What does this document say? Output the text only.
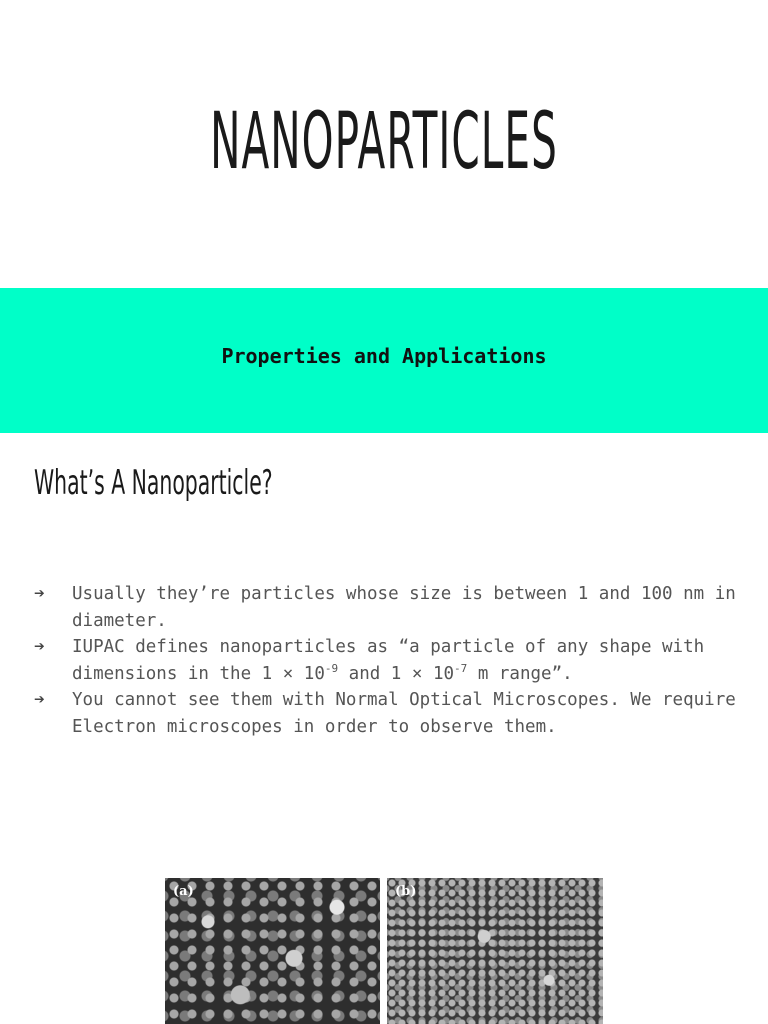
NANOPARTICLES
Properties and Applications
What’s A Nanoparticle?
➔ Usually they’re particles whose size is between 1 and 100 nm in diameter.
➔ IUPAC defines nanoparticles as “a particle of any shape with dimensions in the $1 \times 10^{-9}$ and $1 \times 10^{-7}$ m range”.
➔ You cannot see them with Normal Optical Microscopes. We require Electron microscopes in order to observe them.
(a)	(b)
